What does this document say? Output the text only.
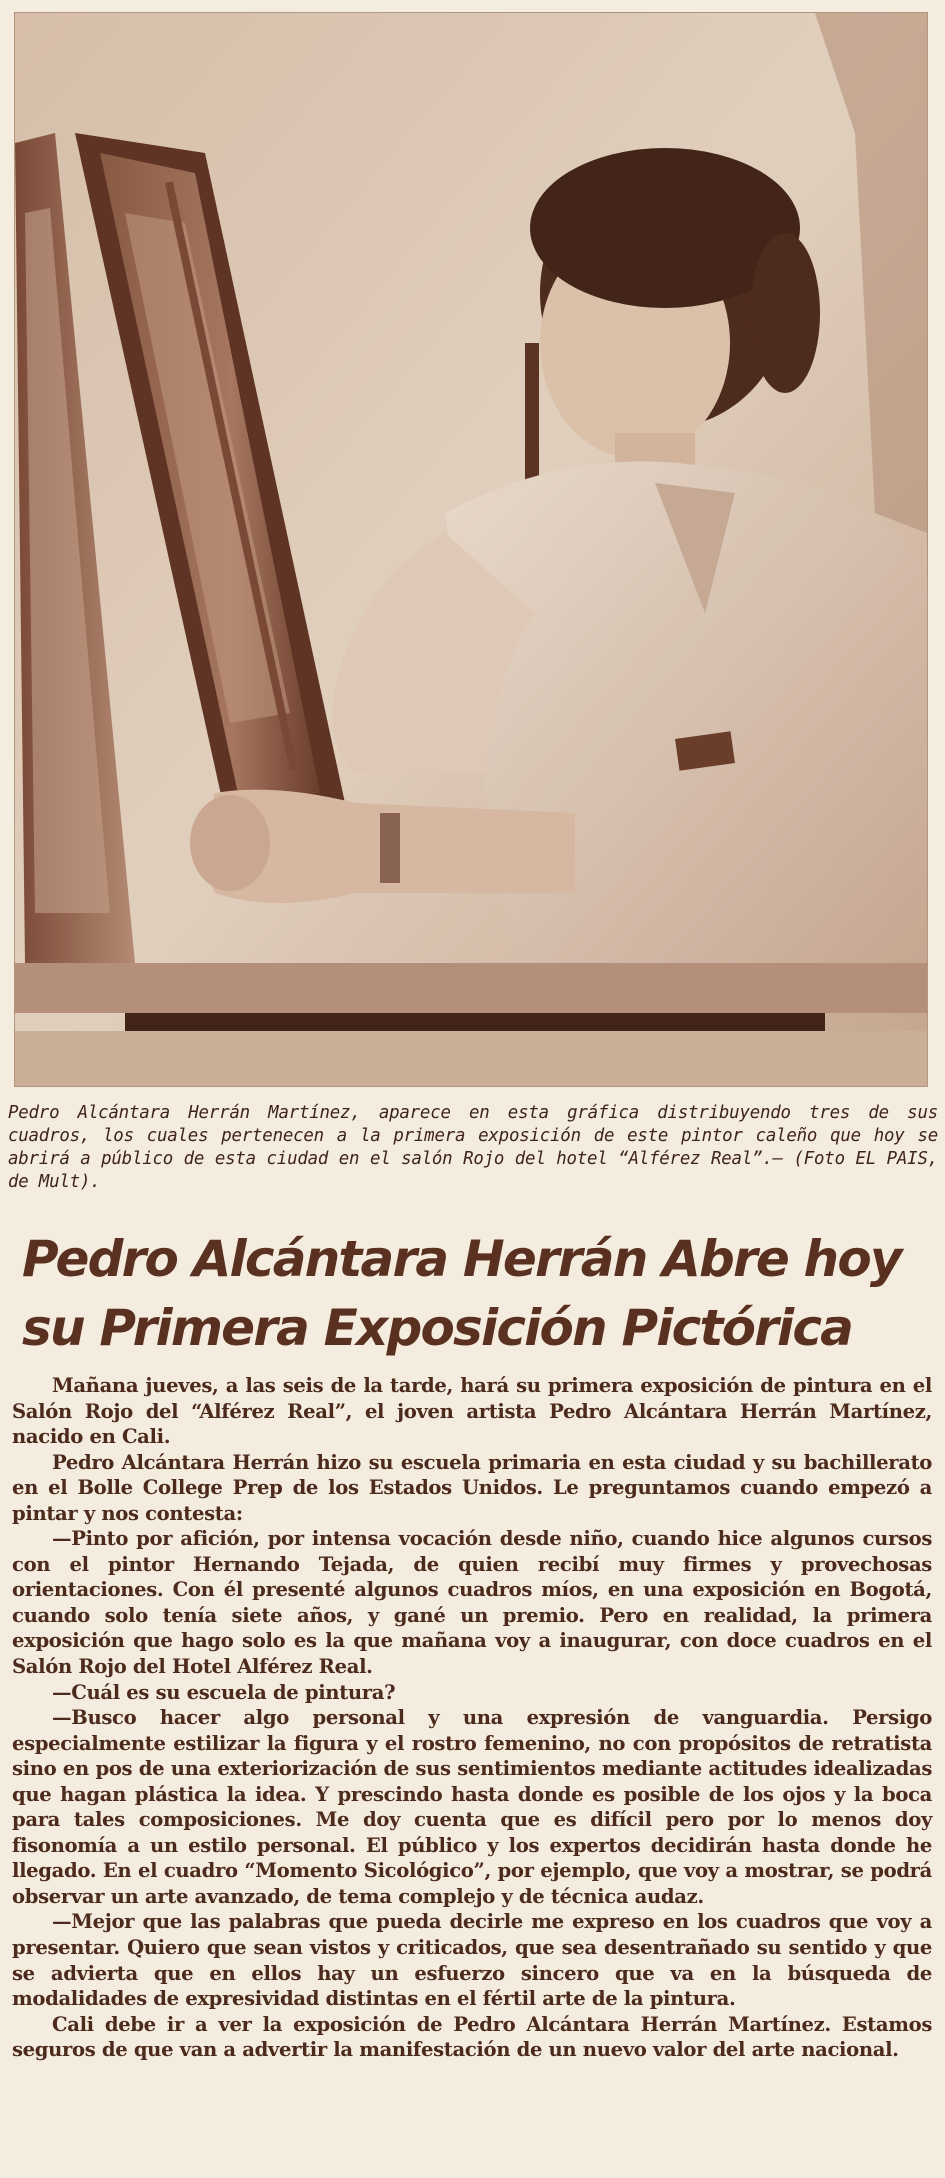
Pedro Alcántara Herrán Martínez, aparece en esta gráfica distribuyendo tres de sus cuadros, los cuales pertenecen a la primera exposición de este pintor caleño que hoy se abrirá a público de esta ciudad en el salón Rojo del hotel “Alférez Real”.— (Foto EL PAIS, de Mult).
Pedro Alcántara Herrán Abre hoy
su Primera Exposición Pictórica

Mañana jueves, a las seis de la tarde, hará su primera exposición de pintura en el Salón Rojo del “Alférez Real”, el joven artista Pedro Alcántara Herrán Martínez, nacido en Cali.

Pedro Alcántara Herrán hizo su escuela primaria en esta ciudad y su bachillerato en el Bolle College Prep de los Estados Unidos. Le preguntamos cuando empezó a pintar y nos contesta:

—Pinto por afición, por intensa vocación desde niño, cuando hice algunos cursos con el pintor Hernando Tejada, de quien recibí muy firmes y provechosas orientaciones. Con él presenté algunos cuadros míos, en una exposición en Bogotá, cuando solo tenía siete años, y gané un premio. Pero en realidad, la primera exposición que hago solo es la que mañana voy a inaugurar, con doce cuadros en el Salón Rojo del Hotel Alférez Real.

—Cuál es su escuela de pintura?

—Busco hacer algo personal y una expresión de vanguardia. Persigo especialmente estilizar la figura y el rostro femenino, no con propósitos de retratista sino en pos de una exteriorización de sus sentimientos mediante actitudes idealizadas que hagan plástica la idea. Y prescindo hasta donde es posible de los ojos y la boca para tales composiciones. Me doy cuenta que es difícil pero por lo menos doy fisonomía a un estilo personal. El público y los expertos decidirán hasta donde he llegado. En el cuadro “Momento Sicológico”, por ejemplo, que voy a mostrar, se podrá observar un arte avanzado, de tema complejo y de técnica audaz.

—Mejor que las palabras que pueda decirle me expreso en los cuadros que voy a presentar. Quiero que sean vistos y criticados, que sea desentrañado su sentido y que se advierta que en ellos hay un esfuerzo sincero que va en la búsqueda de modalidades de expresividad distintas en el fértil arte de la pintura.

Cali debe ir a ver la exposición de Pedro Alcántara Herrán Martínez. Estamos seguros de que van a advertir la manifestación de un nuevo valor del arte nacional.
